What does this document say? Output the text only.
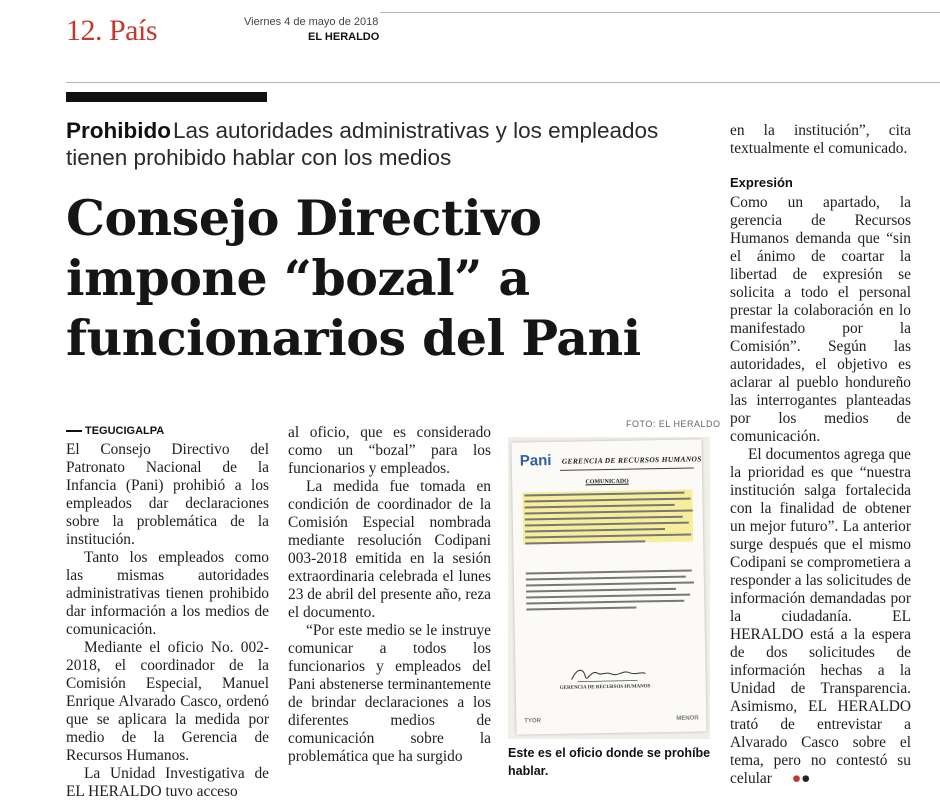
12. País	Viernes 4 de mayo de 2018
EL HERALDO
ProhibidoLas autoridades administrativas y los empleados tienen prohibido hablar con los medios
Consejo Directivo impone “bozal” a funcionarios del Pani
TEGUCIGALPA

El Consejo Directivo del Patronato Nacional de la Infancia (Pani) prohibió a los empleados dar declaraciones sobre la problemática de la institución.

Tanto los empleados como las mismas autoridades administrativas tienen prohibido dar información a los medios de comunicación.

Mediante el oficio No. 002-2018, el coordinador de la Comisión Especial, Manuel Enrique Alvarado Casco, ordenó que se aplicara la medida por medio de la Gerencia de Recursos Humanos.

La Unidad Investigativa de EL HERALDO tuvo acceso

al oficio, que es considerado como un “bozal” para los funcionarios y empleados.

La medida fue tomada en condición de coordinador de la Comisión Especial nombrada mediante resolución Codipani 003-2018 emitida en la sesión extraordinaria celebrada el lunes 23 de abril del presente año, reza el documento.

“Por este medio se le instruye comunicar a todos los funcionarios y empleados del Pani abstenerse terminantemente de brindar declaraciones a los diferentes medios de comunicación sobre la problemática que ha surgido

en la institución”, cita textualmente el comunicado.

Expresión

Como un apartado, la gerencia de Recursos Humanos demanda que “sin el ánimo de coartar la libertad de expresión se solicita a todo el personal prestar la colaboración en lo manifestado por la Comisión”. Según las autoridades, el objetivo es aclarar al pueblo hondureño las interrogantes planteadas por los medios de comunicación.

El documentos agrega que la prioridad es que “nuestra institución salga fortalecida con la finalidad de obtener un mejor futuro”. La anterior surge después que el mismo Codipani se comprometiera a responder a las solicitudes de información demandadas por la ciudadanía. EL HERALDO está a la espera de dos solicitudes de información hechas a la Unidad de Transparencia. Asimismo, EL HERALDO trató de entrevistar a Alvarado Casco sobre el tema, pero no contestó su celular ●●

FOTO: EL HERALDO
Pani GERENCIA DE RECURSOS HUMANOS
COMUNICADO
GERENCIA DE RECURSOS HUMANOS
TYOR	MENOR
Este es el oficio donde se prohíbe hablar.
